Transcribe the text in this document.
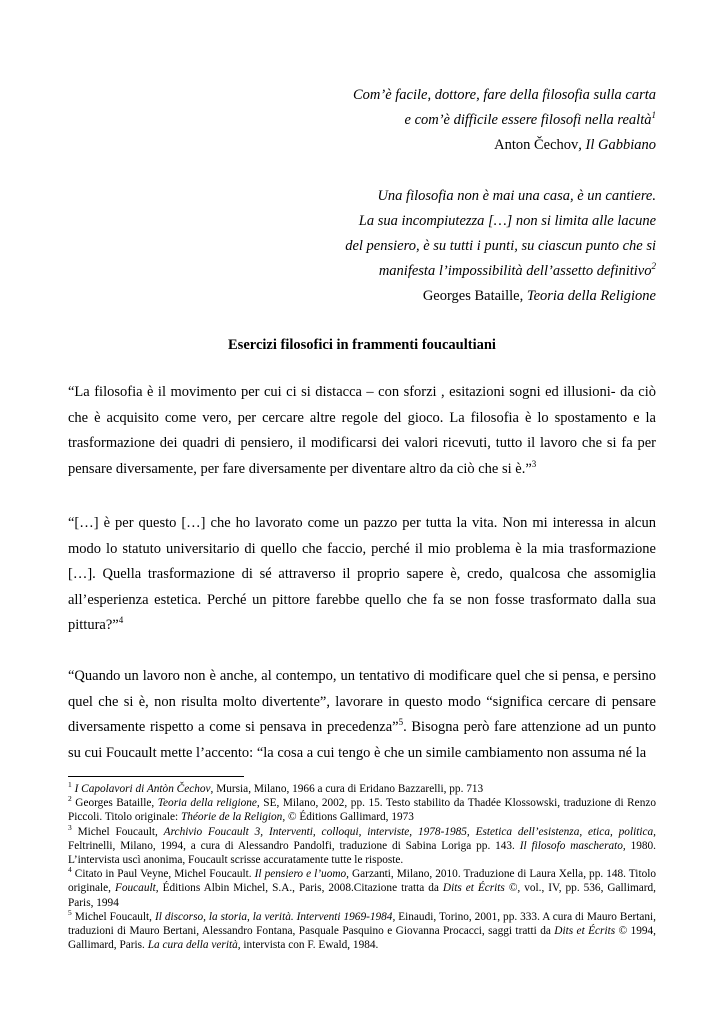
Com’è facile, dottore, fare della filosofia sulla carta
e com’è difficile essere filosofi nella realtà$^1$
Anton Čechov, Il Gabbiano
Una filosofia non è mai una casa, è un cantiere.
La sua incompiutezza […] non si limita alle lacune
del pensiero, è su tutti i punti, su ciascun punto che si
manifesta l’impossibilità dell’assetto definitivo$^2$
Georges Bataille, Teoria della Religione
Esercizi filosofici in frammenti foucaultiani

“La filosofia è il movimento per cui ci si distacca – con sforzi , esitazioni sogni ed illusioni- da ciò che è acquisito come vero, per cercare altre regole del gioco. La filosofia è lo spostamento e la trasformazione dei quadri di pensiero, il modificarsi dei valori ricevuti, tutto il lavoro che si fa per pensare diversamente, per fare diversamente per diventare altro da ciò che si è.”$^3$

“[…] è per questo […] che ho lavorato come un pazzo per tutta la vita. Non mi interessa in alcun modo lo statuto universitario di quello che faccio, perché il mio problema è la mia trasformazione […]. Quella trasformazione di sé attraverso il proprio sapere è, credo, qualcosa che assomiglia all’esperienza estetica. Perché un pittore farebbe quello che fa se non fosse trasformato dalla sua pittura?”$^4$

“Quando un lavoro non è anche, al contempo, un tentativo di modificare quel che si pensa, e persino quel che si è, non risulta molto divertente”, lavorare in questo modo “significa cercare di pensare diversamente rispetto a come si pensava in precedenza”$^5$. Bisogna però fare attenzione ad un punto su cui Foucault mette l’accento: “la cosa a cui tengo è che un simile cambiamento non assuma né la

$^1$ I Capolavori di Antòn Čechov, Mursia, Milano, 1966 a cura di Eridano Bazzarelli, pp. 713

$^2$ Georges Bataille, Teoria della religione, SE, Milano, 2002, pp. 15. Testo stabilito da Thadée Klossowski, traduzione di Renzo Piccoli. Titolo originale: Théorie de la Religion, © Éditions Gallimard, 1973

$^3$ Michel Foucault, Archivio Foucault 3, Interventi, colloqui, interviste, 1978-1985, Estetica dell’esistenza, etica, politica, Feltrinelli, Milano, 1994, a cura di Alessandro Pandolfi, traduzione di Sabina Loriga pp. 143. Il filosofo mascherato, 1980. L’intervista uscì anonima, Foucault scrisse accuratamente tutte le risposte.

$^4$ Citato in Paul Veyne, Michel Foucault. Il pensiero e l’uomo, Garzanti, Milano, 2010. Traduzione di Laura Xella, pp. 148. Titolo originale, Foucault, Éditions Albin Michel, S.A., Paris, 2008.Citazione tratta da Dits et Écrits ©, vol., IV, pp. 536, Gallimard, Paris, 1994

$^5$ Michel Foucault, Il discorso, la storia, la verità. Interventi 1969-1984, Einaudi, Torino, 2001, pp. 333. A cura di Mauro Bertani, traduzioni di Mauro Bertani, Alessandro Fontana, Pasquale Pasquino e Giovanna Procacci, saggi tratti da Dits et Écrits © 1994, Gallimard, Paris. La cura della verità, intervista con F. Ewald, 1984.
